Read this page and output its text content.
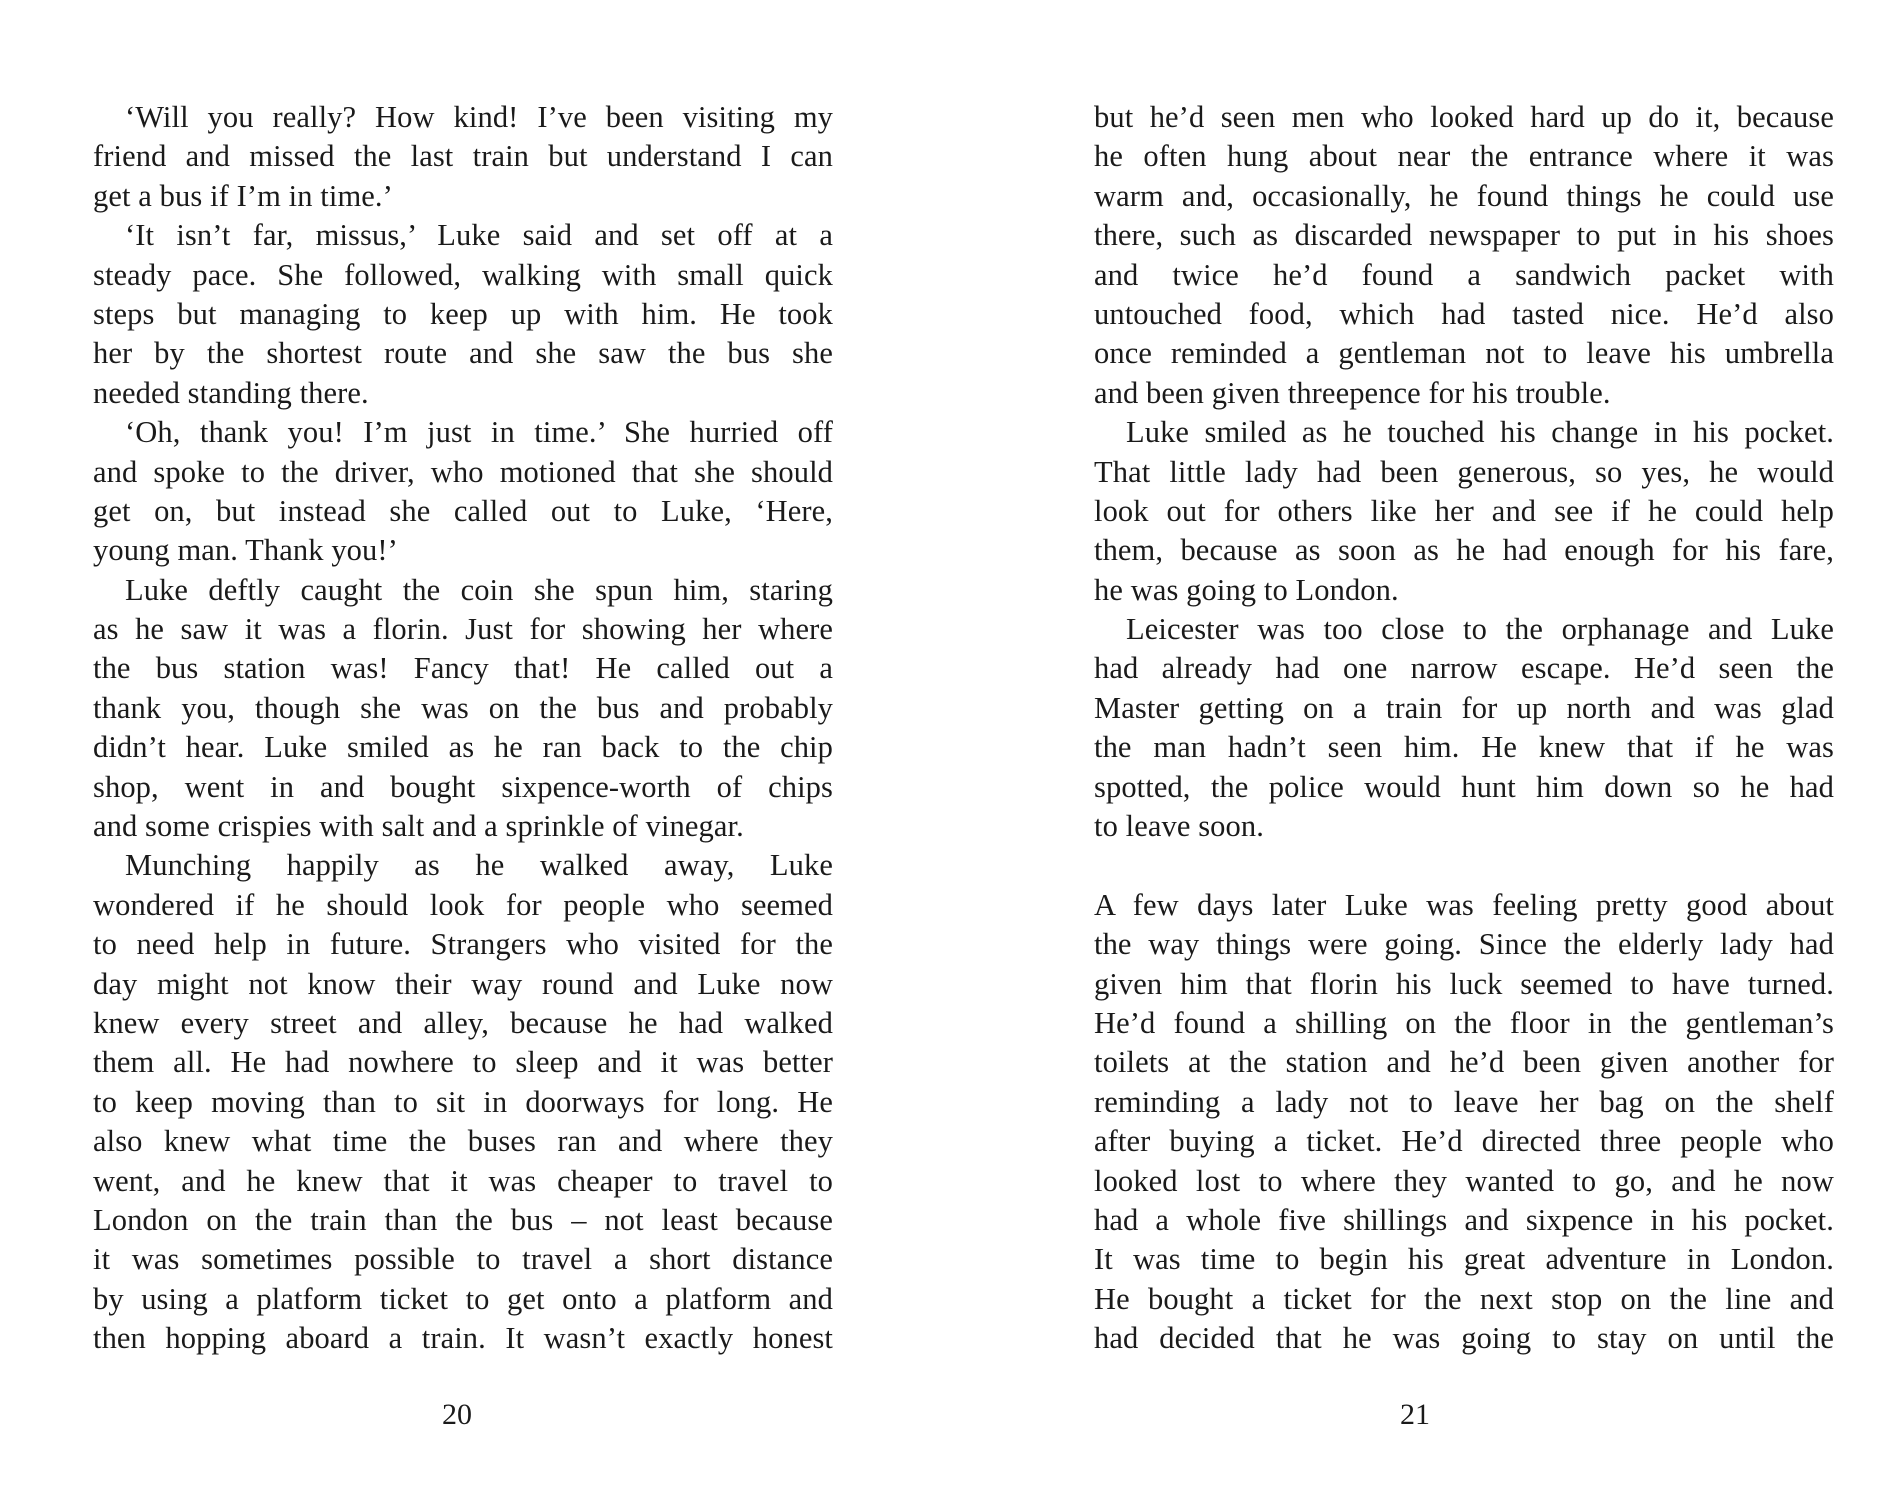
‘Will you really? How kind! I’ve been visiting my
friend and missed the last train but understand I can
get a bus if I’m in time.’
‘It isn’t far, missus,’ Luke said and set off at a
steady pace. She followed, walking with small quick
steps but managing to keep up with him. He took
her by the shortest route and she saw the bus she
needed standing there.
‘Oh, thank you! I’m just in time.’ She hurried off
and spoke to the driver, who motioned that she should
get on, but instead she called out to Luke, ‘Here,
young man. Thank you!’
Luke deftly caught the coin she spun him, staring
as he saw it was a florin. Just for showing her where
the bus station was! Fancy that! He called out a
thank you, though she was on the bus and probably
didn’t hear. Luke smiled as he ran back to the chip
shop, went in and bought sixpence-worth of chips
and some crispies with salt and a sprinkle of vinegar.
Munching happily as he walked away, Luke
wondered if he should look for people who seemed
to need help in future. Strangers who visited for the
day might not know their way round and Luke now
knew every street and alley, because he had walked
them all. He had nowhere to sleep and it was better
to keep moving than to sit in doorways for long. He
also knew what time the buses ran and where they
went, and he knew that it was cheaper to travel to
London on the train than the bus – not least because
it was sometimes possible to travel a short distance
by using a platform ticket to get onto a platform and
then hopping aboard a train. It wasn’t exactly honest
20
but he’d seen men who looked hard up do it, because
he often hung about near the entrance where it was
warm and, occasionally, he found things he could use
there, such as discarded newspaper to put in his shoes
and twice he’d found a sandwich packet with
untouched food, which had tasted nice. He’d also
once reminded a gentleman not to leave his umbrella
and been given threepence for his trouble.
Luke smiled as he touched his change in his pocket.
That little lady had been generous, so yes, he would
look out for others like her and see if he could help
them, because as soon as he had enough for his fare,
he was going to London.
Leicester was too close to the orphanage and Luke
had already had one narrow escape. He’d seen the
Master getting on a train for up north and was glad
the man hadn’t seen him. He knew that if he was
spotted, the police would hunt him down so he had
to leave soon.
A few days later Luke was feeling pretty good about
the way things were going. Since the elderly lady had
given him that florin his luck seemed to have turned.
He’d found a shilling on the floor in the gentleman’s
toilets at the station and he’d been given another for
reminding a lady not to leave her bag on the shelf
after buying a ticket. He’d directed three people who
looked lost to where they wanted to go, and he now
had a whole five shillings and sixpence in his pocket.
It was time to begin his great adventure in London.
He bought a ticket for the next stop on the line and
had decided that he was going to stay on until the
21
